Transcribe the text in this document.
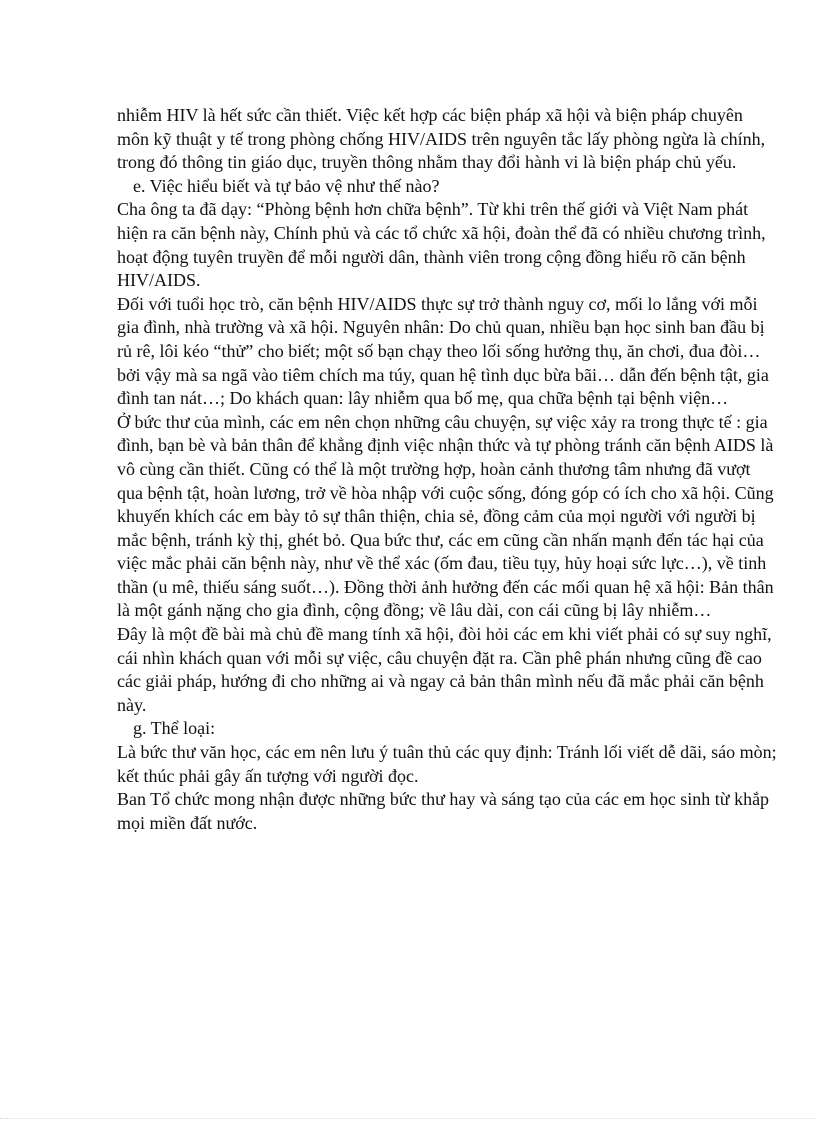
nhiễm HIV là hết sức cần thiết. Việc kết hợp các biện pháp xã hội và biện pháp chuyên môn kỹ thuật y tế trong phòng chống HIV/AIDS trên nguyên tắc lấy phòng ngừa là chính, trong đó thông tin giáo dục, truyền thông nhằm thay đổi hành vi là biện pháp chủ yếu.

e. Việc hiểu biết và tự bảo vệ như thế nào?

Cha ông ta đã dạy: “Phòng bệnh hơn chữa bệnh”. Từ khi trên thế giới và Việt Nam phát hiện ra căn bệnh này, Chính phủ và các tổ chức xã hội, đoàn thể đã có nhiều chương trình, hoạt động tuyên truyền để mỗi người dân, thành viên trong cộng đồng hiểu rõ căn bệnh HIV/AIDS.

Đối với tuổi học trò, căn bệnh HIV/AIDS thực sự trở thành nguy cơ, mối lo lắng với mỗi gia đình, nhà trường và xã hội. Nguyên nhân: Do chủ quan, nhiều bạn học sinh ban đầu bị rủ rê, lôi kéo “thử” cho biết; một số bạn chạy theo lối sống hưởng thụ, ăn chơi, đua đòi… bởi vậy mà sa ngã vào tiêm chích ma túy, quan hệ tình dục bừa bãi… dẫn đến bệnh tật, gia đình tan nát…; Do khách quan: lây nhiễm qua bố mẹ, qua chữa bệnh tại bệnh viện…

Ở bức thư của mình, các em nên chọn những câu chuyện, sự việc xảy ra trong thực tế : gia đình, bạn bè và bản thân để khẳng định việc nhận thức và tự phòng tránh căn bệnh AIDS là vô cùng cần thiết. Cũng có thể là một trường hợp, hoàn cảnh thương tâm nhưng đã vượt qua bệnh tật, hoàn lương, trở về hòa nhập với cuộc sống, đóng góp có ích cho xã hội. Cũng khuyến khích các em bày tỏ sự thân thiện, chia sẻ, đồng cảm của mọi người với người bị mắc bệnh, tránh kỳ thị, ghét bỏ. Qua bức thư, các em cũng cần nhấn mạnh đến tác hại của việc mắc phải căn bệnh này, như về thể xác (ốm đau, tiều tụy, hủy hoại sức lực…), về tinh thần (u mê, thiếu sáng suốt…). Đồng thời ảnh hưởng đến các mối quan hệ xã hội: Bản thân là một gánh nặng cho gia đình, cộng đồng; về lâu dài, con cái cũng bị lây nhiễm…

Đây là một đề bài mà chủ đề mang tính xã hội, đòi hỏi các em khi viết phải có sự suy nghĩ, cái nhìn khách quan với mỗi sự việc, câu chuyện đặt ra. Cần phê phán nhưng cũng đề cao các giải pháp, hướng đi cho những ai và ngay cả bản thân mình nếu đã mắc phải căn bệnh này.

g. Thể loại:

Là bức thư văn học, các em nên lưu ý tuân thủ các quy định: Tránh lối viết dễ dãi, sáo mòn; kết thúc phải gây ấn tượng với người đọc.

Ban Tổ chức mong nhận được những bức thư hay và sáng tạo của các em học sinh từ khắp mọi miền đất nước.
